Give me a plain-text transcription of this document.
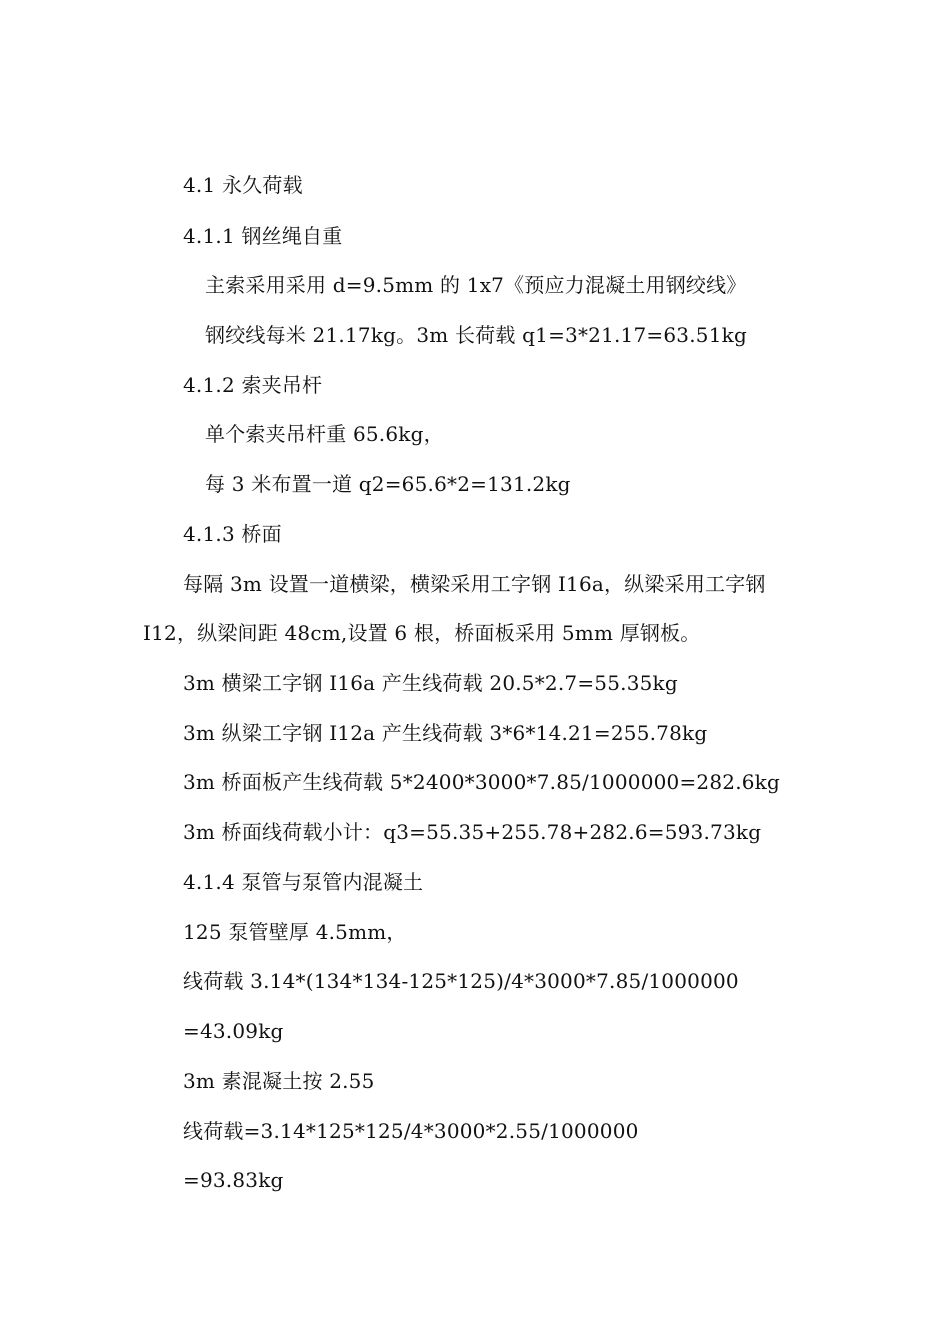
4.1 永久荷载
4.1.1 钢丝绳自重
主索采用采用 d=9.5mm 的 1x7《预应力混凝土用钢绞线》
钢绞线每米 21.17kg。3m 长荷载 q1=3*21.17=63.51kg
4.1.2 索夹吊杆
单个索夹吊杆重 65.6kg，
每 3 米布置一道 q2=65.6*2=131.2kg
4.1.3 桥面
每隔 3m 设置一道横梁，横梁采用工字钢 I16a，纵梁采用工字钢
I12，纵梁间距 48cm,设置 6 根，桥面板采用 5mm 厚钢板。
3m 横梁工字钢 I16a 产生线荷载 20.5*2.7=55.35kg
3m 纵梁工字钢 I12a 产生线荷载 3*6*14.21=255.78kg
3m 桥面板产生线荷载 5*2400*3000*7.85/1000000=282.6kg
3m 桥面线荷载小计：q3=55.35+255.78+282.6=593.73kg
4.1.4 泵管与泵管内混凝土
125 泵管壁厚 4.5mm，
线荷载 3.14*(134*134-125*125)/4*3000*7.85/1000000
=43.09kg
3m 素混凝土按 2.55
线荷载=3.14*125*125/4*3000*2.55/1000000
=93.83kg
